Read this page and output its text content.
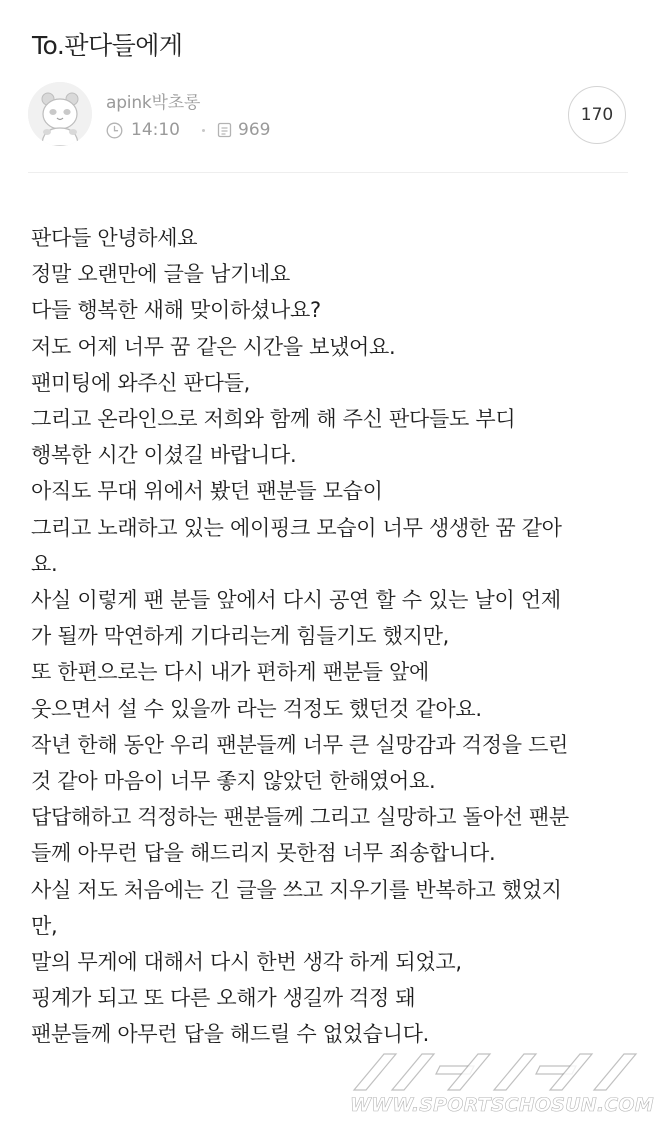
To.판다들에게
apink박초롱
14:10	969
170
판다들 안녕하세요
정말 오랜만에 글을 남기네요
다들 행복한 새해 맞이하셨나요?
저도 어제 너무 꿈 같은 시간을 보냈어요.
팬미팅에 와주신 판다들,
그리고 온라인으로 저희와 함께 해 주신 판다들도 부디
행복한 시간 이셨길 바랍니다.
아직도 무대 위에서 봤던 팬분들 모습이
그리고 노래하고 있는 에이핑크 모습이 너무 생생한 꿈 같아
요.
사실 이렇게 팬 분들 앞에서 다시 공연 할 수 있는 날이 언제
가 될까 막연하게 기다리는게 힘들기도 했지만,
또 한편으로는 다시 내가 편하게 팬분들 앞에
웃으면서 설 수 있을까 라는 걱정도 했던것 같아요.
작년 한해 동안 우리 팬분들께 너무 큰 실망감과 걱정을 드린
것 같아 마음이 너무 좋지 않았던 한해였어요.
답답해하고 걱정하는 팬분들께 그리고 실망하고 돌아선 팬분
들께 아무런 답을 해드리지 못한점 너무 죄송합니다.
사실 저도 처음에는 긴 글을 쓰고 지우기를 반복하고 했었지
만,
말의 무게에 대해서 다시 한번 생각 하게 되었고,
핑계가 되고 또 다른 오해가 생길까 걱정 돼
팬분들께 아무런 답을 해드릴 수 없었습니다.
WWW.SPORTSCHOSUN.COM
